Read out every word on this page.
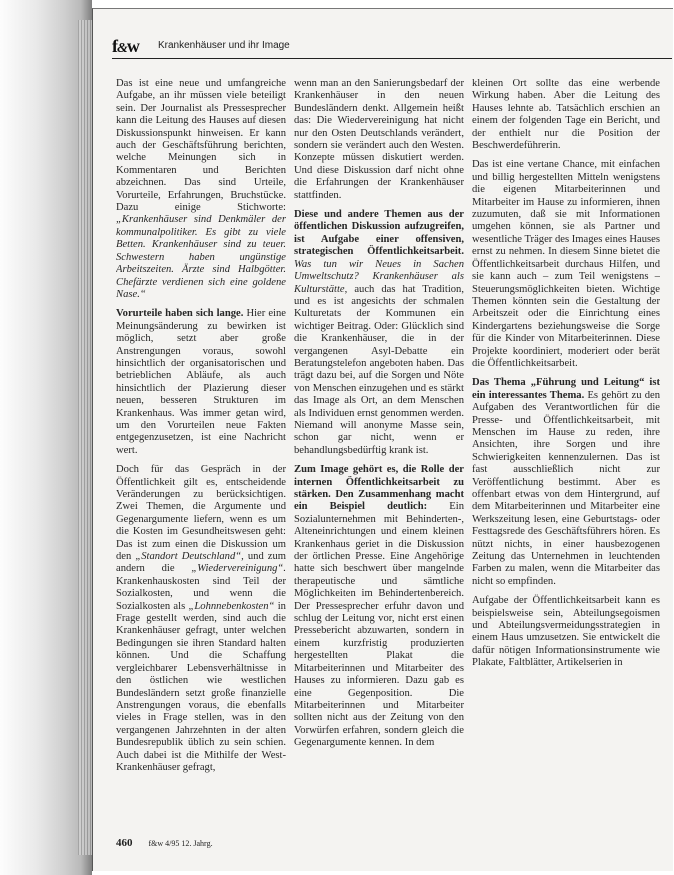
f&w Krankenhäuser und ihr Image

Das ist eine neue und umfangreiche Aufgabe, an ihr müssen viele beteiligt sein. Der Journalist als Pressesprecher kann die Leitung des Hauses auf diesen Diskussionspunkt hinweisen. Er kann auch der Geschäftsführung berichten, welche Meinungen sich in Kommentaren und Berichten abzeichnen. Das sind Urteile, Vorurteile, Erfahrungen, Bruchstücke. Dazu einige Stichworte: „Krankenhäuser sind Denkmäler der kommunalpolitiker. Es gibt zu viele Betten. Krankenhäuser sind zu teuer. Schwestern haben ungünstige Arbeitszeiten. Ärzte sind Halbgötter. Chefärzte verdienen sich eine goldene Nase.“

Vorurteile haben sich lange. Hier eine Meinungsänderung zu bewirken ist möglich, setzt aber große Anstrengungen voraus, sowohl hinsichtlich der organisatorischen und betrieblichen Abläufe, als auch hinsichtlich der Plazierung dieser neuen, besseren Strukturen im Krankenhaus. Was immer getan wird, um den Vorurteilen neue Fakten entgegenzusetzen, ist eine Nachricht wert.

Doch für das Gespräch in der Öffentlichkeit gilt es, entscheidende Veränderungen zu berücksichtigen. Zwei Themen, die Argumente und Gegenargumente liefern, wenn es um die Kosten im Gesundheitswesen geht: Das ist zum einen die Diskussion um den „Standort Deutschland“, und zum andern die „Wiedervereinigung“. Krankenhauskosten sind Teil der Sozialkosten, und wenn die Sozialkosten als „Lohnnebenkosten“ in Frage gestellt werden, sind auch die Krankenhäuser gefragt, unter welchen Bedingungen sie ihren Standard halten können. Und die Schaffung vergleichbarer Lebensverhältnisse in den östlichen wie westlichen Bundesländern setzt große finanzielle Anstrengungen voraus, die ebenfalls vieles in Frage stellen, was in den vergangenen Jahrzehnten in der alten Bundesrepublik üblich zu sein schien. Auch dabei ist die Mithilfe der West-Krankenhäuser gefragt,

wenn man an den Sanierungsbedarf der Krankenhäuser in den neuen Bundesländern denkt. Allgemein heißt das: Die Wiedervereinigung hat nicht nur den Osten Deutschlands verändert, sondern sie verändert auch den Westen. Konzepte müssen diskutiert werden. Und diese Diskussion darf nicht ohne die Erfahrungen der Krankenhäuser stattfinden.

Diese und andere Themen aus der öffentlichen Diskussion aufzugreifen, ist Aufgabe einer offensiven, strategischen Öffentlichkeitsarbeit. Was tun wir Neues in Sachen Umweltschutz? Krankenhäuser als Kulturstätte, auch das hat Tradition, und es ist angesichts der schmalen Kulturetats der Kommunen ein wichtiger Beitrag. Oder: Glücklich sind die Krankenhäuser, die in der vergangenen Asyl-Debatte ein Beratungstelefon angeboten haben. Das trägt dazu bei, auf die Sorgen und Nöte von Menschen einzugehen und es stärkt das Image als Ort, an dem Menschen als Individuen ernst genommen werden. Niemand will anonyme Masse sein, schon gar nicht, wenn er behandlungsbedürftig krank ist.

Zum Image gehört es, die Rolle der internen Öffentlichkeitsarbeit zu stärken. Den Zusammenhang macht ein Beispiel deutlich: Ein Sozialunternehmen mit Behinderten-, Alteneinrichtungen und einem kleinen Krankenhaus geriet in die Diskussion der örtlichen Presse. Eine Angehörige hatte sich beschwert über mangelnde therapeutische und sämtliche Möglichkeiten im Behindertenbereich. Der Pressesprecher erfuhr davon und schlug der Leitung vor, nicht erst einen Pressebericht abzuwarten, sondern in einem kurzfristig produzierten hergestellten Plakat die Mitarbeiterinnen und Mitarbeiter des Hauses zu informieren. Dazu gab es eine Gegenposition. Die Mitarbeiterinnen und Mitarbeiter sollten nicht aus der Zeitung von den Vorwürfen erfahren, sondern gleich die Gegenargumente kennen. In dem

kleinen Ort sollte das eine werbende Wirkung haben. Aber die Leitung des Hauses lehnte ab. Tatsächlich erschien an einem der folgenden Tage ein Bericht, und der enthielt nur die Position der Beschwerdeführerin.

Das ist eine vertane Chance, mit einfachen und billig hergestellten Mitteln wenigstens die eigenen Mitarbeiterinnen und Mitarbeiter im Hause zu informieren, ihnen zuzumuten, daß sie mit Informationen umgehen können, sie als Partner und wesentliche Träger des Images eines Hauses ernst zu nehmen. In diesem Sinne bietet die Öffentlichkeitsarbeit durchaus Hilfen, und sie kann auch – zum Teil wenigstens – Steuerungsmöglichkeiten bieten. Wichtige Themen könnten sein die Gestaltung der Arbeitszeit oder die Einrichtung eines Kindergartens beziehungsweise die Sorge für die Kinder von Mitarbeiterinnen. Diese Projekte koordiniert, moderiert oder berät die Öffentlichkeitsarbeit.

Das Thema „Führung und Leitung“ ist ein interessantes Thema. Es gehört zu den Aufgaben des Verantwortlichen für die Presse- und Öffentlichkeitsarbeit, mit Menschen im Hause zu reden, ihre Ansichten, ihre Sorgen und ihre Schwierigkeiten kennenzulernen. Das ist fast ausschließlich nicht zur Veröffentlichung bestimmt. Aber es offenbart etwas von dem Hintergrund, auf dem Mitarbeiterinnen und Mitarbeiter eine Werkszeitung lesen, eine Geburtstags- oder Festtagsrede des Geschäftsführers hören. Es nützt nichts, in einer hausbezogenen Zeitung das Unternehmen in leuchtenden Farben zu malen, wenn die Mitarbeiter das nicht so empfinden.

Aufgabe der Öffentlichkeitsarbeit kann es beispielsweise sein, Abteilungsegoismen und Abteilungsvermeidungsstrategien in einem Haus umzusetzen. Sie entwickelt die dafür nötigen Informationsinstrumente wie Plakate, Faltblätter, Artikelserien in

460 f&w 4/95 12. Jahrg.
